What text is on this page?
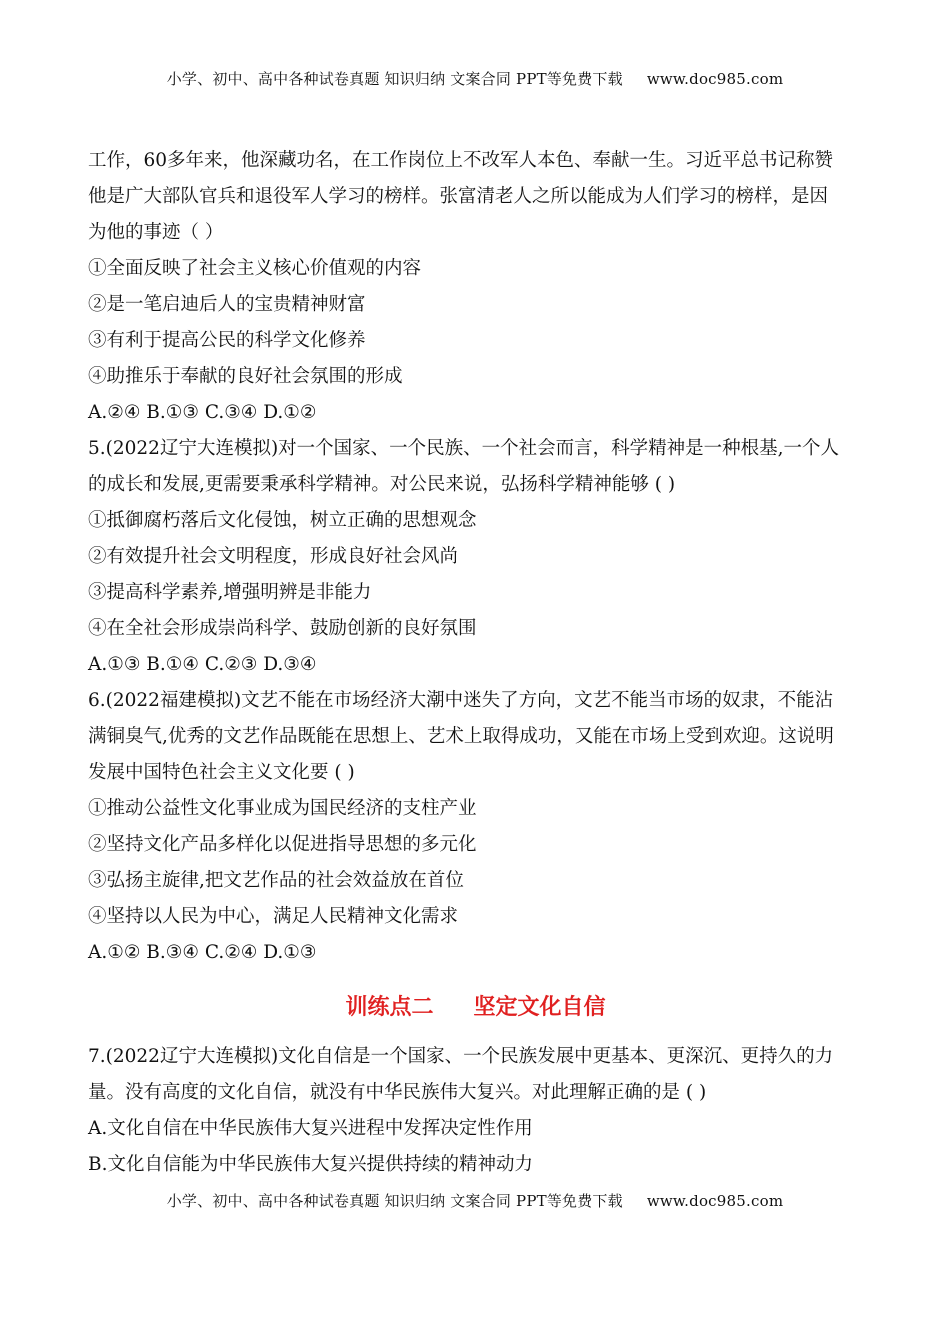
小学、初中、高中各种试卷真题 知识归纳 文案合同 PPT等免费下载 www.doc985.com
工作，60多年来，他深藏功名，在工作岗位上不改军人本色、奉献一生。习近平总书记称赞
他是广大部队官兵和退役军人学习的榜样。张富清老人之所以能成为人们学习的榜样，是因
为他的事迹（ ）
①全面反映了社会主义核心价值观的内容
②是一笔启迪后人的宝贵精神财富
③有利于提高公民的科学文化修养
④助推乐于奉献的良好社会氛围的形成
A.②④ B.①③ C.③④ D.①②
5.(2022辽宁大连模拟)对一个国家、一个民族、一个社会而言，科学精神是一种根基,一个人
的成长和发展,更需要秉承科学精神。对公民来说，弘扬科学精神能够 ( )
①抵御腐朽落后文化侵蚀，树立正确的思想观念
②有效提升社会文明程度，形成良好社会风尚
③提高科学素养,增强明辨是非能力
④在全社会形成崇尚科学、鼓励创新的良好氛围
A.①③ B.①④ C.②③ D.③④
6.(2022福建模拟)文艺不能在市场经济大潮中迷失了方向，文艺不能当市场的奴隶，不能沾
满铜臭气,优秀的文艺作品既能在思想上、艺术上取得成功，又能在市场上受到欢迎。这说明
发展中国特色社会主义文化要 ( )
①推动公益性文化事业成为国民经济的支柱产业
②坚持文化产品多样化以促进指导思想的多元化
③弘扬主旋律,把文艺作品的社会效益放在首位
④坚持以人民为中心，满足人民精神文化需求
A.①② B.③④ C.②④ D.①③
训练点二 坚定文化自信
7.(2022辽宁大连模拟)文化自信是一个国家、一个民族发展中更基本、更深沉、更持久的力
量。没有高度的文化自信，就没有中华民族伟大复兴。对此理解正确的是 ( )
A.文化自信在中华民族伟大复兴进程中发挥决定性作用
B.文化自信能为中华民族伟大复兴提供持续的精神动力
小学、初中、高中各种试卷真题 知识归纳 文案合同 PPT等免费下载 www.doc985.com
